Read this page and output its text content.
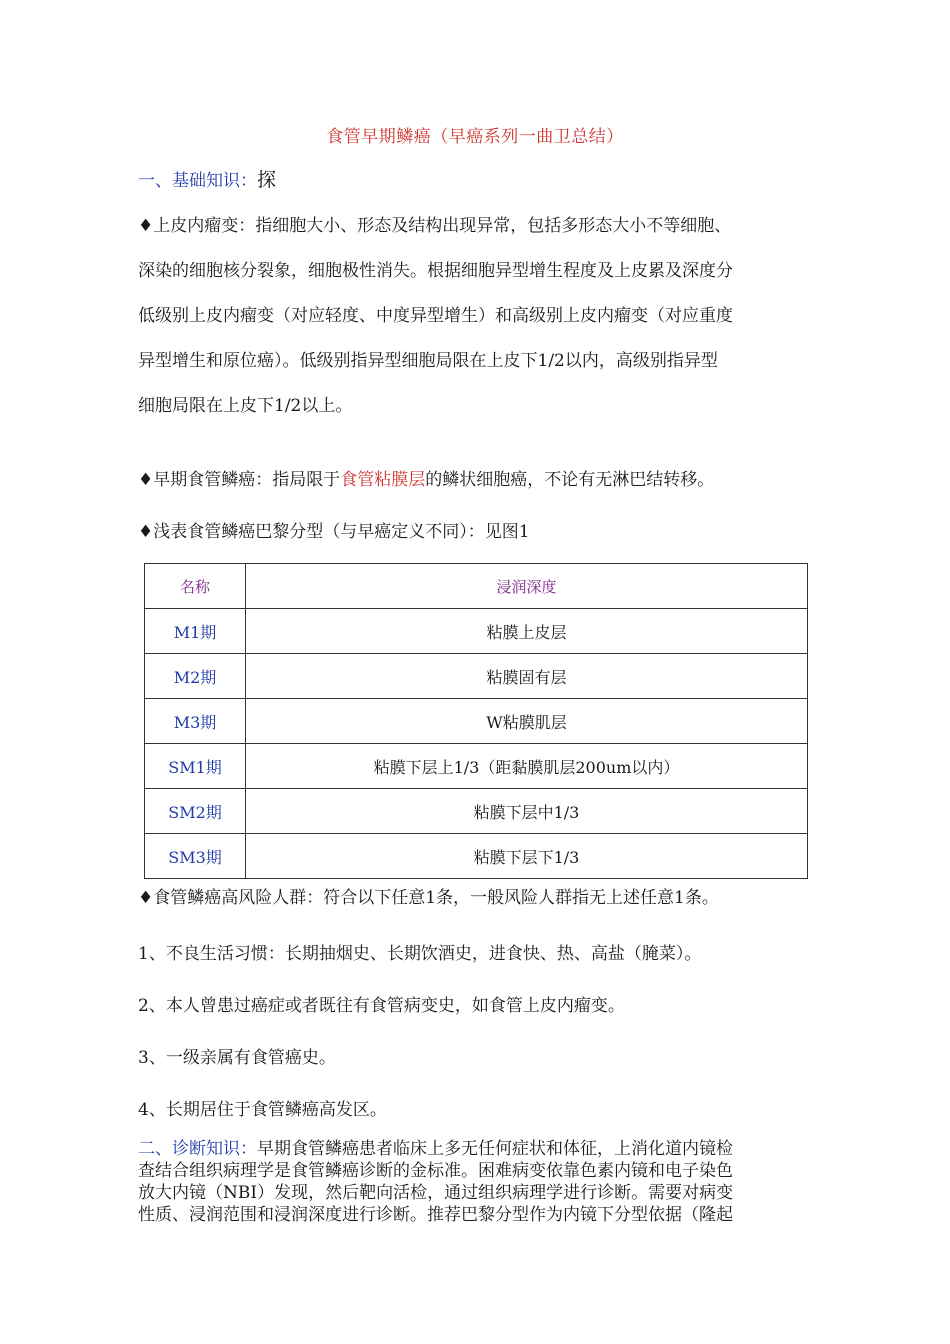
食管早期鳞癌（早癌系列一曲卫总结）
一、基础知识：探
♦上皮内瘤变：指细胞大小、形态及结构出现异常，包括多形态大小不等细胞、
深染的细胞核分裂象，细胞极性消失。根据细胞异型增生程度及上皮累及深度分
低级别上皮内瘤变（对应轻度、中度异型增生）和高级别上皮内瘤变（对应重度
异型增生和原位癌）。低级别指异型细胞局限在上皮下1/2以内，高级别指异型
细胞局限在上皮下1/2以上。
♦早期食管鳞癌：指局限于食管粘膜层的鳞状细胞癌，不论有无淋巴结转移。
♦浅表食管鳞癌巴黎分型（与早癌定义不同）：见图1
名称	浸润深度
M1期	粘膜上皮层
M2期	粘膜固有层
M3期	W粘膜肌层
SM1期	粘膜下层上1/3（距黏膜肌层200um以内）
SM2期	粘膜下层中1/3
SM3期	粘膜下层下1/3
♦食管鳞癌高风险人群：符合以下任意1条，一般风险人群指无上述任意1条。
1、不良生活习惯：长期抽烟史、长期饮酒史，进食快、热、高盐（腌菜）。
2、本人曾患过癌症或者既往有食管病变史，如食管上皮内瘤变。
3、一级亲属有食管癌史。
4、长期居住于食管鳞癌高发区。
二、诊断知识：早期食管鳞癌患者临床上多无任何症状和体征，上消化道内镜检
查结合组织病理学是食管鳞癌诊断的金标准。困难病变依靠色素内镜和电子染色
放大内镜（NBI）发现，然后靶向活检，通过组织病理学进行诊断。需要对病变
性质、浸润范围和浸润深度进行诊断。推荐巴黎分型作为内镜下分型依据（隆起
